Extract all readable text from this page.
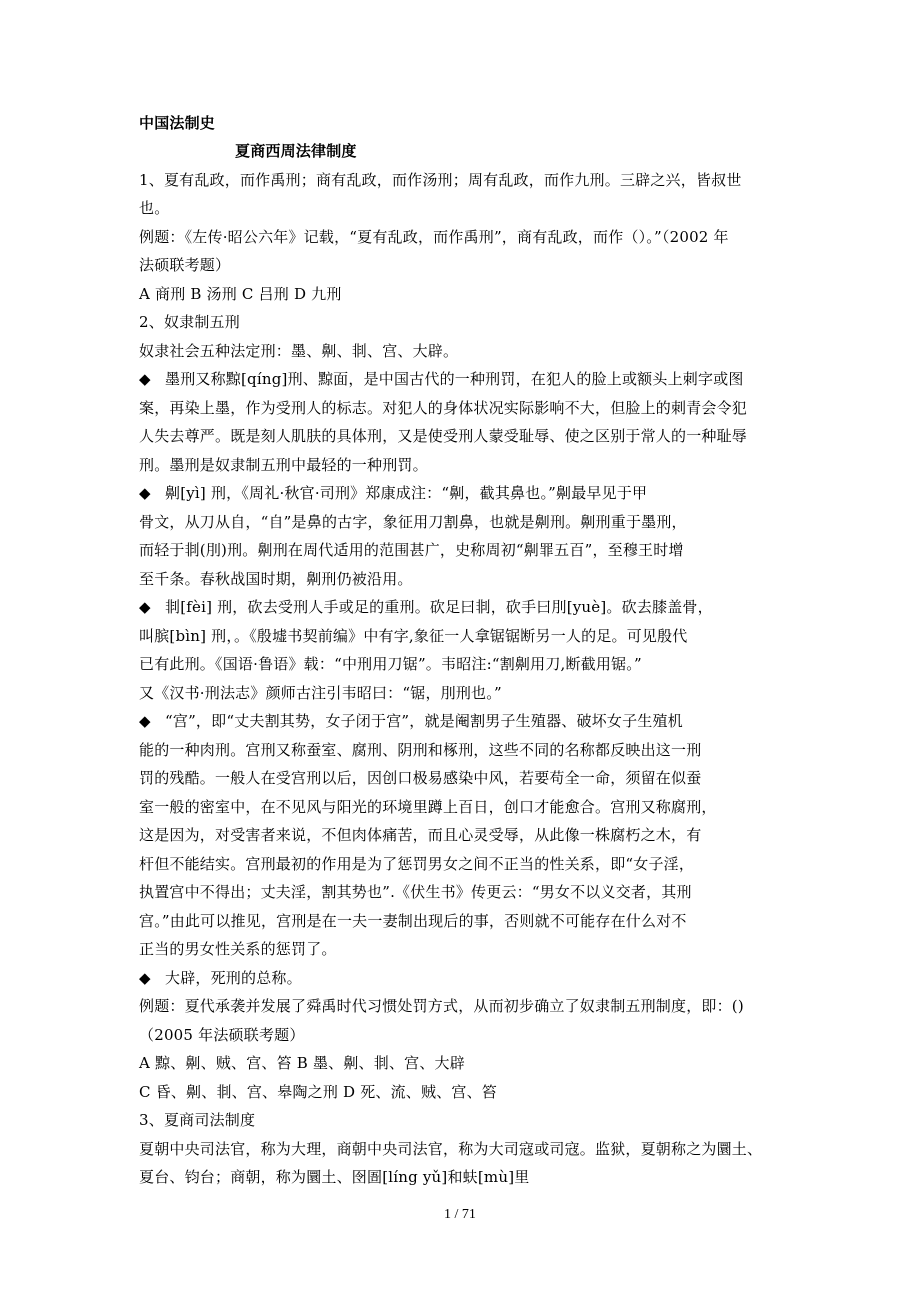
中国法制史
夏商西周法律制度
1、夏有乱政，而作禹刑；商有乱政，而作汤刑；周有乱政，而作九刑。三辟之兴，皆叔世
也。
例题：《左传·昭公六年》记载，“夏有乱政，而作禹刑”，商有乱政，而作（）。”（2002 年
法硕联考题）
A 商刑 B 汤刑 C 吕刑 D 九刑
2、奴隶制五刑
奴隶社会五种法定刑：墨、劓、剕、宫、大辟。
◆ 墨刑又称黥[qíng]刑、黥面，是中国古代的一种刑罚，在犯人的脸上或额头上刺字或图
案，再染上墨，作为受刑人的标志。对犯人的身体状况实际影响不大，但脸上的刺青会令犯
人失去尊严。既是刻人肌肤的具体刑，又是使受刑人蒙受耻辱、使之区别于常人的一种耻辱
刑。墨刑是奴隶制五刑中最轻的一种刑罚。
◆ 劓[yì] 刑，《周礼·秋官·司刑》郑康成注：“劓，截其鼻也。”劓最早见于甲
骨文，从刀从自，“自”是鼻的古字，象征用刀割鼻，也就是劓刑。劓刑重于墨刑，
而轻于剕(刖)刑。劓刑在周代适用的范围甚广，史称周初“劓罪五百”，至穆王时增
至千条。春秋战国时期，劓刑仍被沿用。
◆ 剕[fèi] 刑，砍去受刑人手或足的重刑。砍足曰剕，砍手曰刖[yuè]。砍去膝盖骨，
叫膑[bìn] 刑，。《殷墟书契前编》中有字,象征一人拿锯锯断另一人的足。可见殷代
已有此刑。《国语·鲁语》载：“中刑用刀锯”。韦昭注:“割劓用刀,断截用锯。”
又《汉书·刑法志》颜师古注引韦昭曰：“锯，刖刑也。”
◆ “宫”，即“丈夫割其势，女子闭于宫”，就是阉割男子生殖器、破坏女子生殖机
能的一种肉刑。宫刑又称蚕室、腐刑、阴刑和椓刑，这些不同的名称都反映出这一刑
罚的残酷。一般人在受宫刑以后，因创口极易感染中风，若要苟全一命，须留在似蚕
室一般的密室中，在不见风与阳光的环境里蹲上百日，创口才能愈合。宫刑又称腐刑，
这是因为，对受害者来说，不但肉体痛苦，而且心灵受辱，从此像一株腐朽之木，有
杆但不能结实。宫刑最初的作用是为了惩罚男女之间不正当的性关系，即“女子淫，
执置宫中不得出；丈夫淫，割其势也”.《伏生书》传更云：“男女不以义交者，其刑
宫。”由此可以推见，宫刑是在一夫一妻制出现后的事，否则就不可能存在什么对不
正当的男女性关系的惩罚了。
◆ 大辟，死刑的总称。
例题：夏代承袭并发展了舜禹时代习惯处罚方式，从而初步确立了奴隶制五刑制度，即：()
（2005 年法硕联考题）
A 黥、劓、贼、宫、笞 B 墨、劓、剕、宫、大辟
C 昏、劓、剕、宫、皋陶之刑 D 死、流、贼、宫、笞
3、夏商司法制度
夏朝中央司法官，称为大理，商朝中央司法官，称为大司寇或司寇。监狱，夏朝称之为圜土、
夏台、钧台；商朝，称为圜土、囹圄[líng yǔ]和蚨[mù]里
1 / 71
